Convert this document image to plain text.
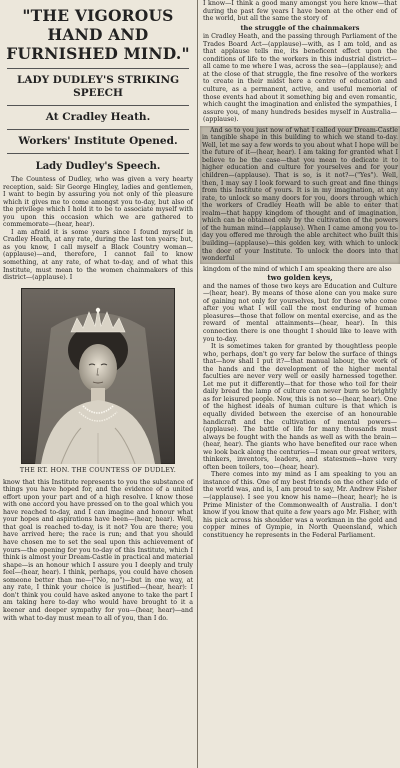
"THE VIGOROUS HAND AND FURNISHED MIND."
LADY DUDLEY'S STRIKING SPEECH
At Cradley Heath.
Workers' Institute Opened.
Lady Dudley's Speech.

The Countess of Dudley, who was given a very hearty reception, said: Sir George Hingley, ladies and gentlemen, I want to begin by assuring you not only of the pleasure which it gives me to come amongst you to-day, but also of the privilege which I hold it to be to associate myself with you upon this occasion which we are gathered to commemorate—(hear, hear).

I am afraid it is some years since I found myself in Cradley Heath, at any rate, during the last ten years; but, as you know, I call myself a Black Country woman—(applause)—and, therefore, I cannot fail to know something, at any rate, of what to-day, and of what this Institute, must mean to the women chainmakers of this district—(applause). I

THE RT. HON. THE COUNTESS OF DUDLEY.

know that this Institute represents to you the substance of things you have hoped for, and the evidence of a united effort upon your part and of a high resolve. I know those with one accord you have pressed on to the goal which you have reached to-day, and I can imagine and honour what your hopes and aspirations have been—(hear, hear). Well, that goal is reached to-day, is it not? You are there; you have arrived here; the race is run; and that you should have chosen me to set the seal upon this achievement of yours—the opening for you to-day of this Institute, which I think is almost your Dream-Castle in practical and material shape—is an honour which I assure you I deeply and truly feel—(hear, hear). I think, perhaps, you could have chosen someone better than me—("No, no")—but in one way, at any rate, I think your choice is justified—(hear, hear): I don't think you could have asked anyone to take the part I am taking here to-day who would have brought to it a keener and deeper sympathy for you—(hear, hear)—and with what to-day must mean to all of you, than I do.

I know—I think a good many amongst you here know—that during the past few years I have been at the other end of the world, but all the same the story of

the struggle of the chainmakers

in Cradley Heath, and the passing through Parliament of the Trades Board Act—(applause)—with, as I am told, and as that applause tells me, its beneficent effect upon the conditions of life to the workers in this industrial district—all came to me where I was, across the sea—(applause); and at the close of that struggle, the fine resolve of the workers to create in their midst here a centre of education and culture, as a permanent, active, and useful memorial of those events had about it something big and even romantic, which caught the imagination and enlisted the sympathies, I assure you, of many hundreds besides myself in Australia—(applause).

And so to you just now of what I called your Dream-Castle in tangible shape in this building to which we stand to-day. Well, let me say a few words to you about what I hope will be the future of it—(hear, hear). I am taking for granted what I believe to be the case—that you mean to dedicate it to higher education and culture for yourselves and for your children—(applause). That is so, is it not?—("Yes"). Well, then, I may say I look forward to such great and fine things from this Institute of yours. It is in my imagination, at any rate, to unlock so many doors for you, doors through which the workers of Cradley Heath will be able to enter that realm—that happy kingdom of thought and of imagination, which can be obtained only by the cultivation of the powers of the human mind—(applause). When I came among you to-day you offered me through the able architect who built this building—(applause)—this golden key, with which to unlock the door of your Institute. To unlock the doors into that wonderful

kingdom of the mind of which I am speaking there are also

two golden keys,

and the names of those two keys are Education and Culture—(hear, hear). By means of those alone can you make sure of gaining not only for yourselves, but for those who come after you what I will call the most enduring of human pleasures—those that follow on mental exercise, and as the reward of mental attainments—(hear, hear). In this connection there is one thought I should like to leave with you to-day.

It is sometimes taken for granted by thoughtless people who, perhaps, don't go very far below the surface of things that—how shall I put it?—that manual labour, the work of the hands and the development of the higher mental faculties are never very well or easily harnessed together. Let me put it differently—that for those who toil for their daily bread the lamp of culture can never burn so brightly as for leisured people. Now, this is not so—(hear, hear). One of the highest ideals of human culture is that which is equally divided between the exercise of an honourable handicraft and the cultivation of mental powers—(applause). The battle of life for many thousands must always be fought with the hands as well as with the brain—(hear, hear). The giants who have benefited our race when we look back along the centuries—I mean our great writers, thinkers, inventors, leaders, and statesmen—have very often been toilers, too—(hear, hear).

There comes into my mind as I am speaking to you an instance of this. One of my best friends on the other side of the world was, and is, I am proud to say, Mr. Andrew Fisher—(applause). I see you know his name—(hear, hear); he is Prime Minister of the Commonwealth of Australia. I don't know if you know that quite a few years ago Mr. Fisher, with his pick across his shoulder was a workman in the gold and copper mines of Gympie, in North Queensland, which constituency he represents in the Federal Parliament.
